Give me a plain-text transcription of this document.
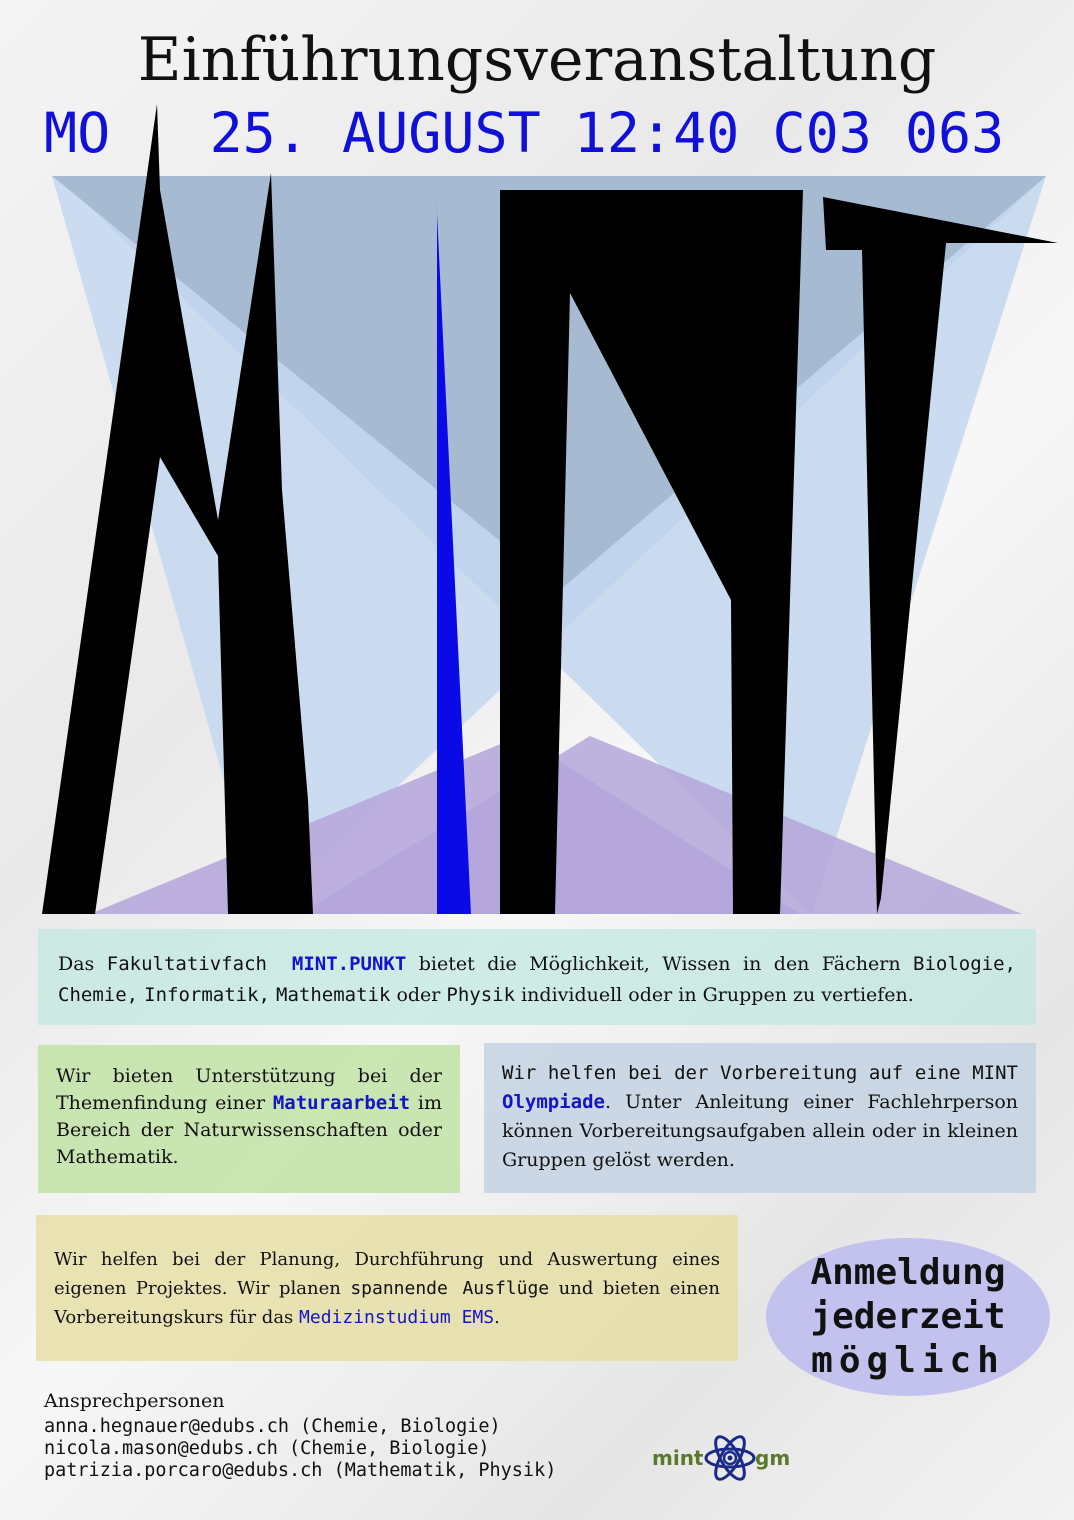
Einführungsveranstaltung
MO   25. AUGUST 12:40 C03 063
Das Fakultativfach MINT.PUNKT bietet die Möglichkeit, Wissen in den Fächern Biologie, Chemie, Informatik, Mathematik oder Physik individuell oder in Gruppen zu vertiefen.
Wir bieten Unterstützung bei der Themenfindung einer Maturaarbeit im Bereich der Naturwissenschaften oder Mathematik.
Wir helfen bei der Vorbereitung auf eine MINT Olympiade. Unter Anleitung einer Fachlehrperson können Vorbereitungsaufgaben allein oder in kleinen Gruppen gelöst werden.
Wir helfen bei der Planung, Durchführung und Auswertung eines eigenen Projektes. Wir planen spannende Ausflüge und bieten einen Vorbereitungskurs für das Medizinstudium EMS.
Anmeldung
jederzeit
möglich
Ansprechpersonen
anna.hegnauer@edubs.ch (Chemie, Biologie)
nicola.mason@edubs.ch (Chemie, Biologie)
patrizia.porcaro@edubs.ch (Mathematik, Physik)
mint	gm
